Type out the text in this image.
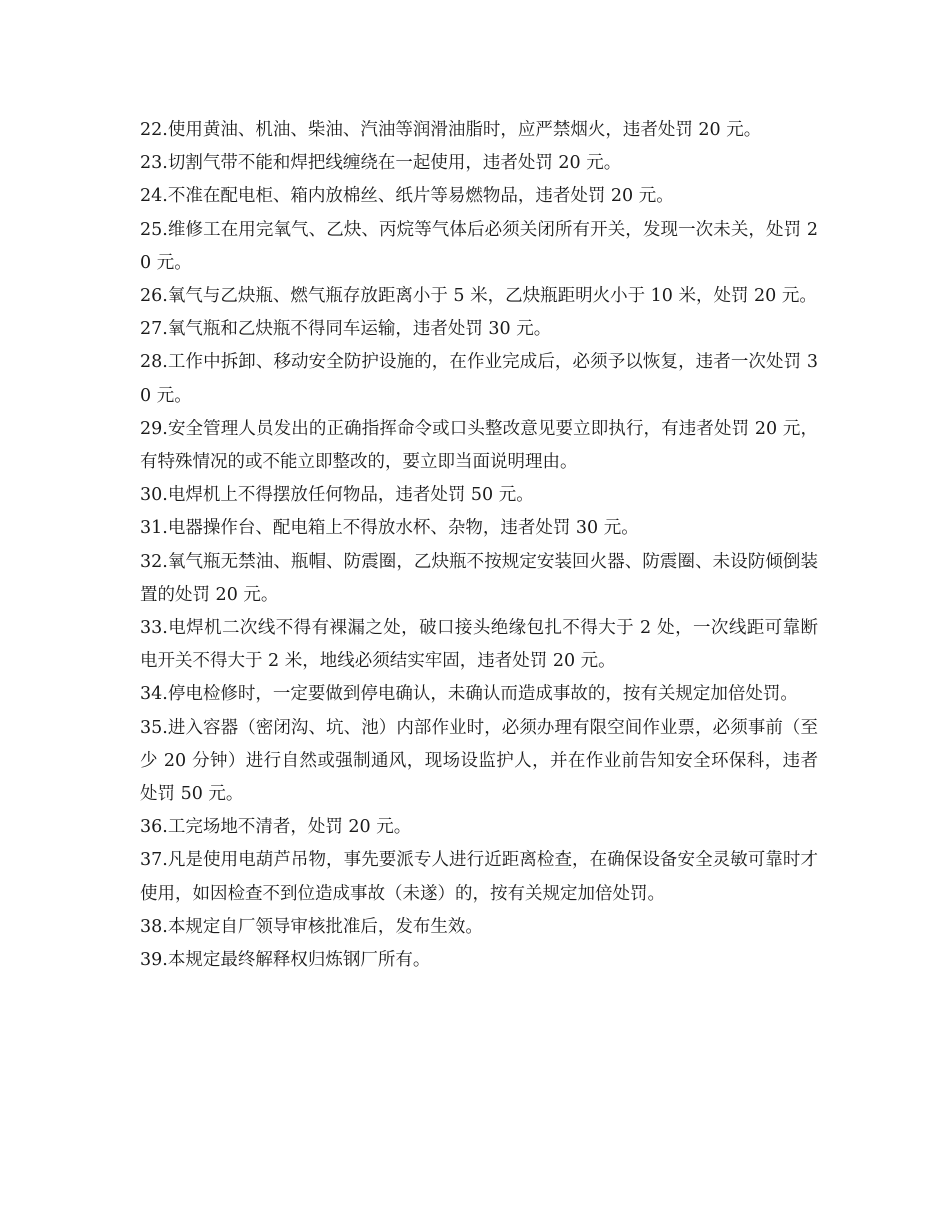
22.使用黄油、机油、柴油、汽油等润滑油脂时，应严禁烟火，违者处罚 20 元。

23.切割气带不能和焊把线缠绕在一起使用，违者处罚 20 元。

24.不准在配电柜、箱内放棉丝、纸片等易燃物品，违者处罚 20 元。

25.维修工在用完氧气、乙炔、丙烷等气体后必须关闭所有开关，发现一次未关，处罚 20 元。

26.氧气与乙炔瓶、燃气瓶存放距离小于 5 米，乙炔瓶距明火小于 10 米，处罚 20 元。

27.氧气瓶和乙炔瓶不得同车运输，违者处罚 30 元。

28.工作中拆卸、移动安全防护设施的，在作业完成后，必须予以恢复，违者一次处罚 30 元。

29.安全管理人员发出的正确指挥命令或口头整改意见要立即执行，有违者处罚 20 元，有特殊情况的或不能立即整改的，要立即当面说明理由。

30.电焊机上不得摆放任何物品，违者处罚 50 元。

31.电器操作台、配电箱上不得放水杯、杂物，违者处罚 30 元。

32.氧气瓶无禁油、瓶帽、防震圈，乙炔瓶不按规定安装回火器、防震圈、未设防倾倒装置的处罚 20 元。

33.电焊机二次线不得有裸漏之处，破口接头绝缘包扎不得大于 2 处，一次线距可靠断电开关不得大于 2 米，地线必须结实牢固，违者处罚 20 元。

34.停电检修时，一定要做到停电确认，未确认而造成事故的，按有关规定加倍处罚。

35.进入容器（密闭沟、坑、池）内部作业时，必须办理有限空间作业票，必须事前（至少 20 分钟）进行自然或强制通风，现场设监护人，并在作业前告知安全环保科，违者处罚 50 元。

36.工完场地不清者，处罚 20 元。

37.凡是使用电葫芦吊物，事先要派专人进行近距离检查，在确保设备安全灵敏可靠时才使用，如因检查不到位造成事故（未遂）的，按有关规定加倍处罚。

38.本规定自厂领导审核批准后，发布生效。

39.本规定最终解释权归炼钢厂所有。
